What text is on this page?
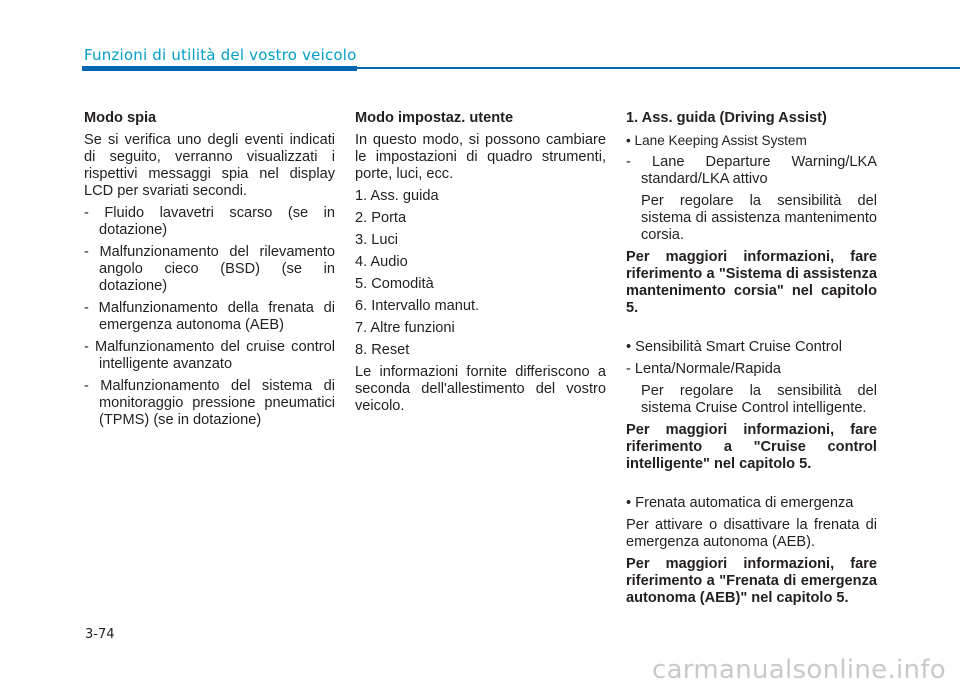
Funzioni di utilità del vostro veicolo

Modo spia

Se si verifica uno degli eventi indicati di seguito, verranno visualizzati i rispettivi messaggi spia nel display LCD per svariati secondi.

- Fluido lavavetri scarso (se in dotazione)

- Malfunzionamento del rilevamento angolo cieco (BSD) (se in dotazione)

- Malfunzionamento della frenata di emergenza autonoma (AEB)

- Malfunzionamento del cruise control intelligente avanzato

- Malfunzionamento del sistema di monitoraggio pressione pneumatici (TPMS) (se in dotazione)

Modo impostaz. utente

In questo modo, si possono cambiare le impostazioni di quadro strumenti, porte, luci, ecc.

1. Ass. guida

2. Porta

3. Luci

4. Audio

5. Comodità

6. Intervallo manut.

7. Altre funzioni

8. Reset

Le informazioni fornite differiscono a seconda dell'allestimento del vostro veicolo.

1. Ass. guida (Driving Assist)

• Lane Keeping Assist System

- Lane Departure Warning/LKA standard/LKA attivo

Per regolare la sensibilità del sistema di assistenza mantenimento corsia.

Per maggiori informazioni, fare riferimento a "Sistema di assistenza mantenimento corsia" nel capitolo 5.

• Sensibilità Smart Cruise Control

- Lenta/Normale/Rapida

Per regolare la sensibilità del sistema Cruise Control intelligente.

Per maggiori informazioni, fare riferimento a "Cruise control intelligente" nel capitolo 5.

• Frenata automatica di emergenza

Per attivare o disattivare la frenata di emergenza autonoma (AEB).

Per maggiori informazioni, fare riferimento a "Frenata di emergenza autonoma (AEB)" nel capitolo 5.

3-74
carmanualsonline.info
